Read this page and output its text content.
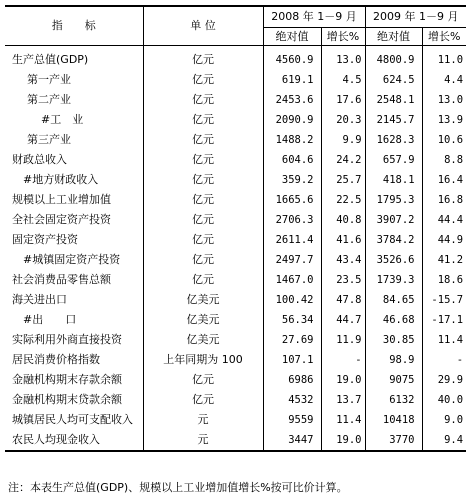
指　　标	单 位	2008 年 1－9 月		2009 年 1－9 月	
		绝对值	增长%	绝对值	增长%
生产总值(GDP)	亿元	4560.9	13.0	4800.9	11.0
第一产业	亿元	619.1	4.5	624.5	4.4
第二产业	亿元	2453.6	17.6	2548.1	13.0
#工　业	亿元	2090.9	20.3	2145.7	13.9
第三产业	亿元	1488.2	9.9	1628.3	10.6
财政总收入	亿元	604.6	24.2	657.9	8.8
#地方财政收入	亿元	359.2	25.7	418.1	16.4
规模以上工业增加值	亿元	1665.6	22.5	1795.3	16.8
全社会固定资产投资	亿元	2706.3	40.8	3907.2	44.4
固定资产投资	亿元	2611.4	41.6	3784.2	44.9
#城镇固定资产投资	亿元	2497.7	43.4	3526.6	41.2
社会消费品零售总额	亿元	1467.0	23.5	1739.3	18.6
海关进出口	亿美元	100.42	47.8	84.65	-15.7
#出　　口	亿美元	56.34	44.7	46.68	-17.1
实际利用外商直接投资	亿美元	27.69	11.9	30.85	11.4
居民消费价格指数	上年同期为 100	107.1	-	98.9	-
金融机构期末存款余额	亿元	6986	19.0	9075	29.9
金融机构期末贷款余额	亿元	4532	13.7	6132	40.0
城镇居民人均可支配收入	元	9559	11.4	10418	9.0
农民人均现金收入	元	3447	19.0	3770	9.4
注：本表生产总值(GDP)、规模以上工业增加值增长%按可比价计算。
